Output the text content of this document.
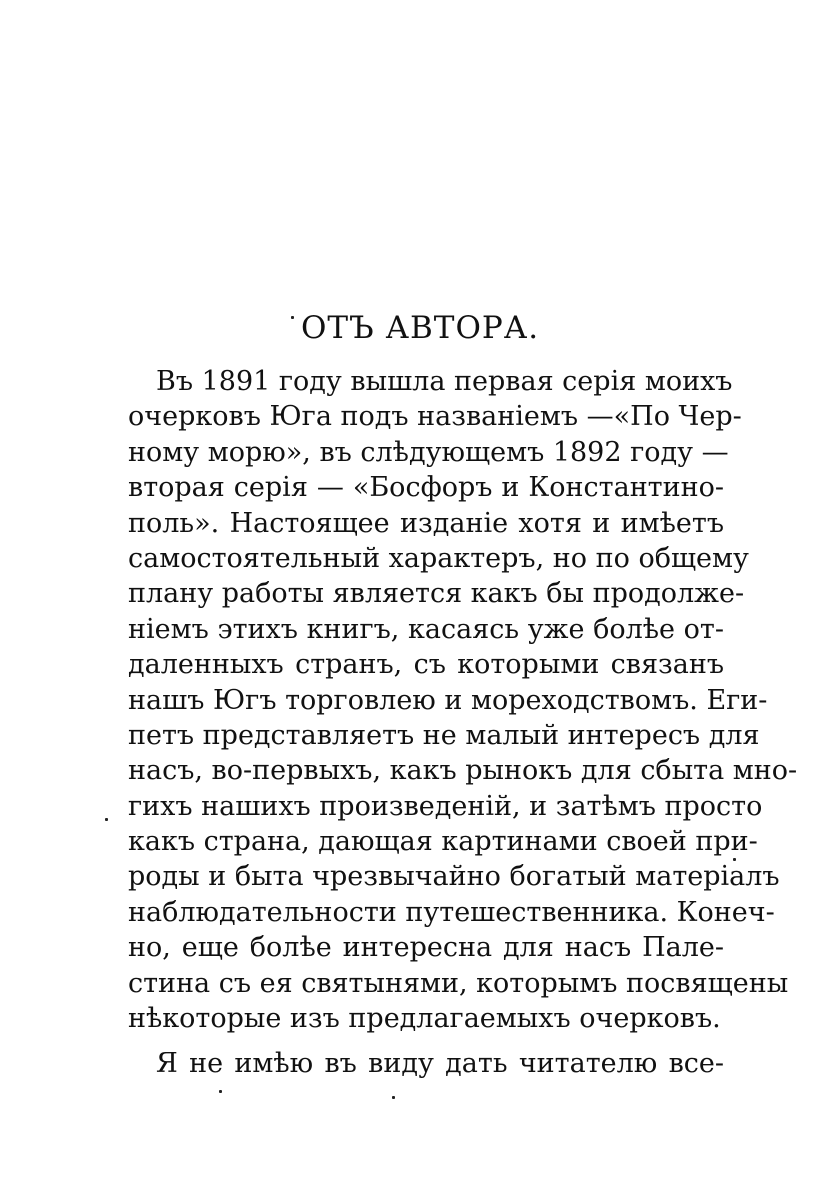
ОТЪ АВТОРА.
Въ 1891 году вышла первая серія моихъ
очерковъ Юга подъ названіемъ —«По Чер-
ному морю», въ слѣдующемъ 1892 году —
вторая серія — «Босфоръ и Константино-
поль». Настоящее изданіе хотя и имѣетъ
самостоятельный характеръ, но по общему
плану работы является какъ бы продолже-
ніемъ этихъ книгъ, касаясь уже болѣе от-
даленныхъ странъ, съ которыми связанъ
нашъ Югъ торговлею и мореходствомъ. Еги-
петъ представляетъ не малый интересъ для
насъ, во-первыхъ, какъ рынокъ для сбыта мно-
гихъ нашихъ произведеній, и затѣмъ просто
какъ страна, дающая картинами своей при-
роды и быта чрезвычайно богатый матеріалъ
наблюдательности путешественника. Конеч-
но, еще болѣе интересна для насъ Пале-
стина съ ея святынями, которымъ посвящены
нѣкоторые изъ предлагаемыхъ очерковъ.
Я не имѣю въ виду дать читателю все-
